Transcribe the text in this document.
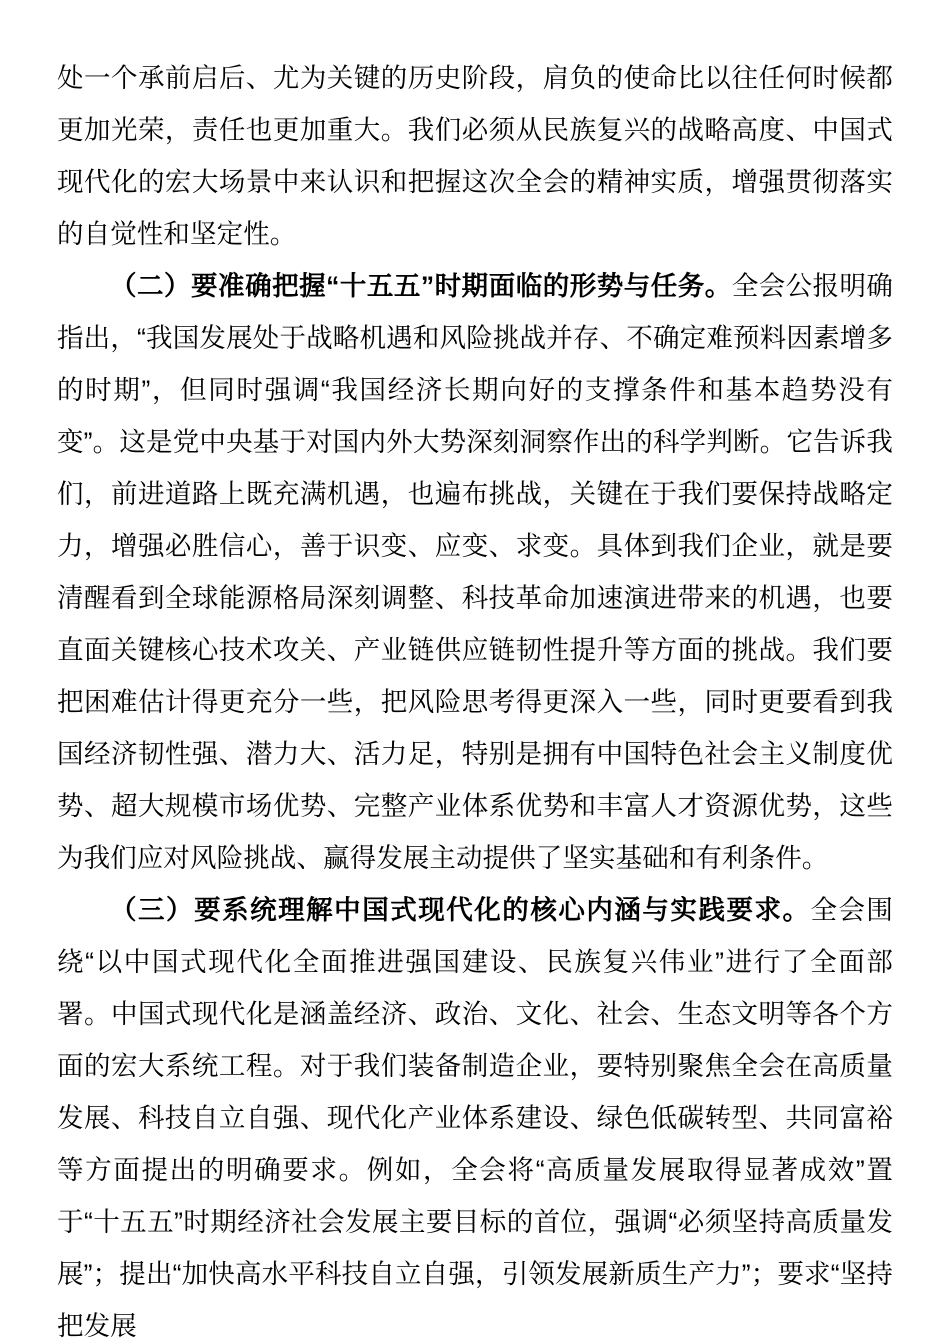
处一个承前启后、尤为关键的历史阶段，肩负的使命比以往任何时候都更加光荣，责任也更加重大。我们必须从民族复兴的战略高度、中国式现代化的宏大场景中来认识和把握这次全会的精神实质，增强贯彻落实的自觉性和坚定性。

（二）要准确把握“十五五”时期面临的形势与任务。全会公报明确指出，“我国发展处于战略机遇和风险挑战并存、不确定难预料因素增多的时期”，但同时强调“我国经济长期向好的支撑条件和基本趋势没有变”。这是党中央基于对国内外大势深刻洞察作出的科学判断。它告诉我们，前进道路上既充满机遇，也遍布挑战，关键在于我们要保持战略定力，增强必胜信心，善于识变、应变、求变。具体到我们企业，就是要清醒看到全球能源格局深刻调整、科技革命加速演进带来的机遇，也要直面关键核心技术攻关、产业链供应链韧性提升等方面的挑战。我们要把困难估计得更充分一些，把风险思考得更深入一些，同时更要看到我国经济韧性强、潜力大、活力足，特别是拥有中国特色社会主义制度优势、超大规模市场优势、完整产业体系优势和丰富人才资源优势，这些为我们应对风险挑战、赢得发展主动提供了坚实基础和有利条件。

（三）要系统理解中国式现代化的核心内涵与实践要求。全会围绕“以中国式现代化全面推进强国建设、民族复兴伟业”进行了全面部署。中国式现代化是涵盖经济、政治、文化、社会、生态文明等各个方面的宏大系统工程。对于我们装备制造企业，要特别聚焦全会在高质量发展、科技自立自强、现代化产业体系建设、绿色低碳转型、共同富裕等方面提出的明确要求。例如，全会将“高质量发展取得显著成效”置于“十五五”时期经济社会发展主要目标的首位，强调“必须坚持高质量发展”；提出“加快高水平科技自立自强，引领发展新质生产力”；要求“坚持把发展
